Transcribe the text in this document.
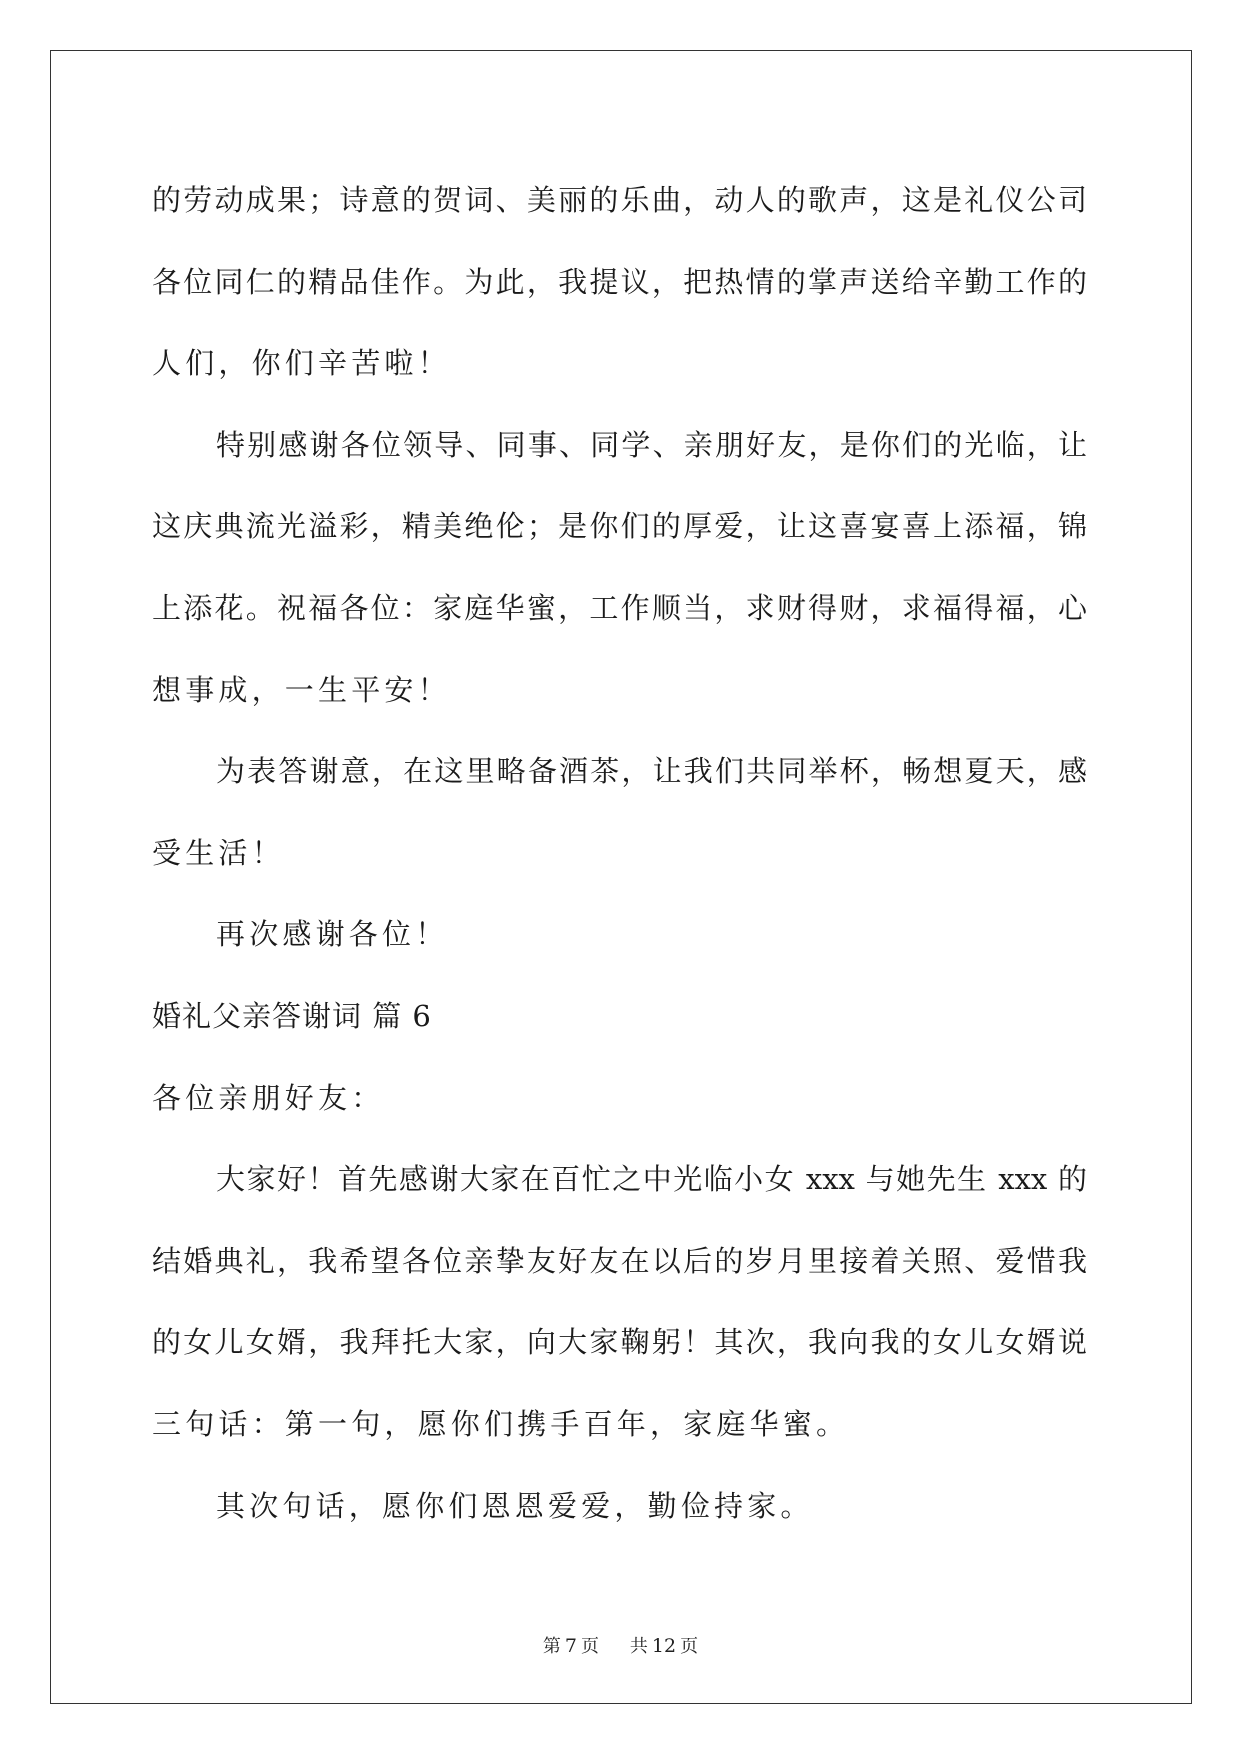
的劳动成果；诗意的贺词、美丽的乐曲，动人的歌声，这是礼仪公司
各位同仁的精品佳作。为此，我提议，把热情的掌声送给辛勤工作的
人们，你们辛苦啦！
特别感谢各位领导、同事、同学、亲朋好友，是你们的光临，让
这庆典流光溢彩，精美绝伦；是你们的厚爱，让这喜宴喜上添福，锦
上添花。祝福各位：家庭华蜜，工作顺当，求财得财，求福得福，心
想事成，一生平安！
为表答谢意，在这里略备酒茶，让我们共同举杯，畅想夏天，感
受生活！
再次感谢各位！
婚礼父亲答谢词 篇 6
各位亲朋好友：
大家好！首先感谢大家在百忙之中光临小女 xxx 与她先生 xxx 的
结婚典礼，我希望各位亲挚友好友在以后的岁月里接着关照、爱惜我
的女儿女婿，我拜托大家，向大家鞠躬！其次，我向我的女儿女婿说
三句话：第一句，愿你们携手百年，家庭华蜜。
其次句话，愿你们恩恩爱爱，勤俭持家。
第 7 页 共 12 页
